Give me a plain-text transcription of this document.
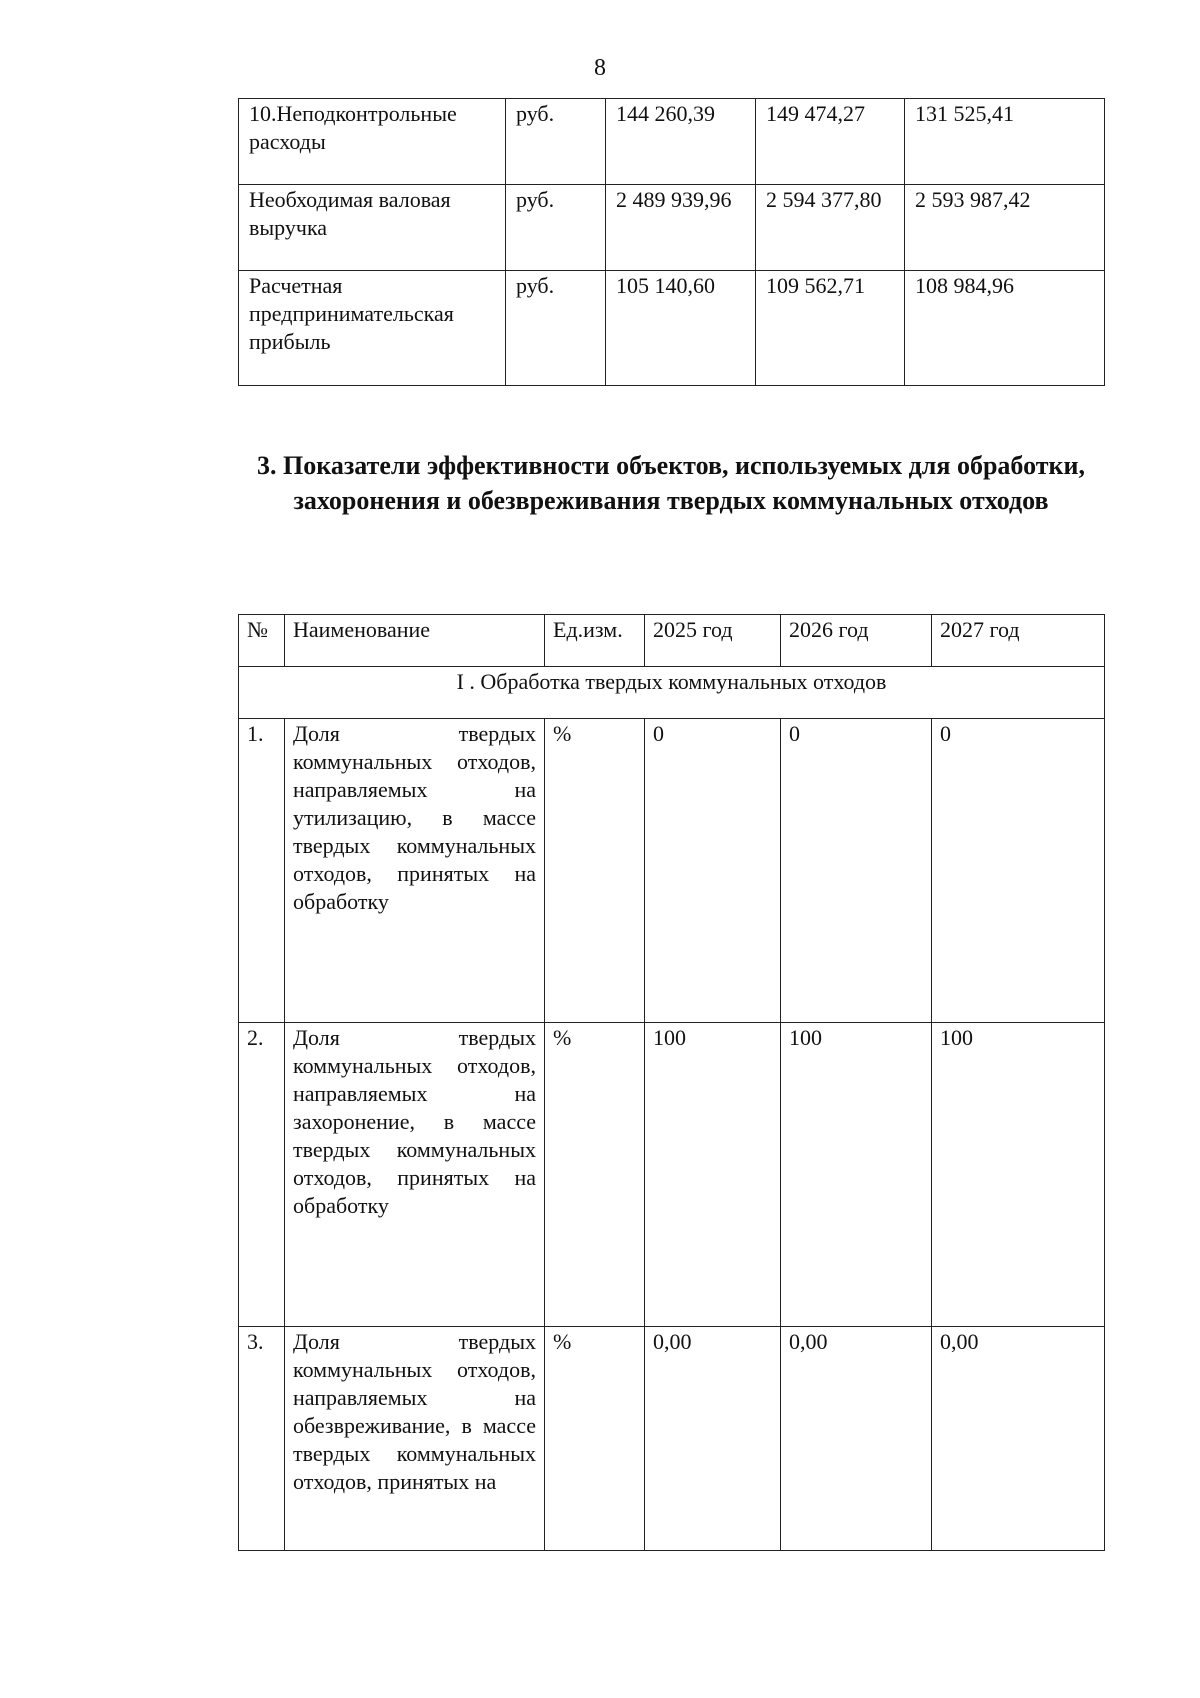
8
10.Неподконтрольные расходы	руб.	144 260,39	149 474,27	131 525,41
Необходимая валовая выручка	руб.	2 489 939,96	2 594 377,80	2 593 987,42
Расчетная предпринимательская прибыль	руб.	105 140,60	109 562,71	108 984,96
3. Показатели эффективности объектов, используемых для обработки, захоронения и обезвреживания твердых коммунальных отходов
№	Наименование	Ед.изм.	2025 год	2026 год	2027 год
I . Обработка твердых коммунальных отходов					
1.	Доля твердых коммунальных отходов, направляемых на утилизацию, в массе твердых коммунальных отходов, принятых на обработку	%	0	0	0
2.	Доля твердых коммунальных отходов, направляемых на захоронение, в массе твердых коммунальных отходов, принятых на обработку	%	100	100	100
3.	Доля твердых коммунальных отходов, направляемых на обезвреживание, в массе твердых коммунальных отходов, принятых на	%	0,00	0,00	0,00
